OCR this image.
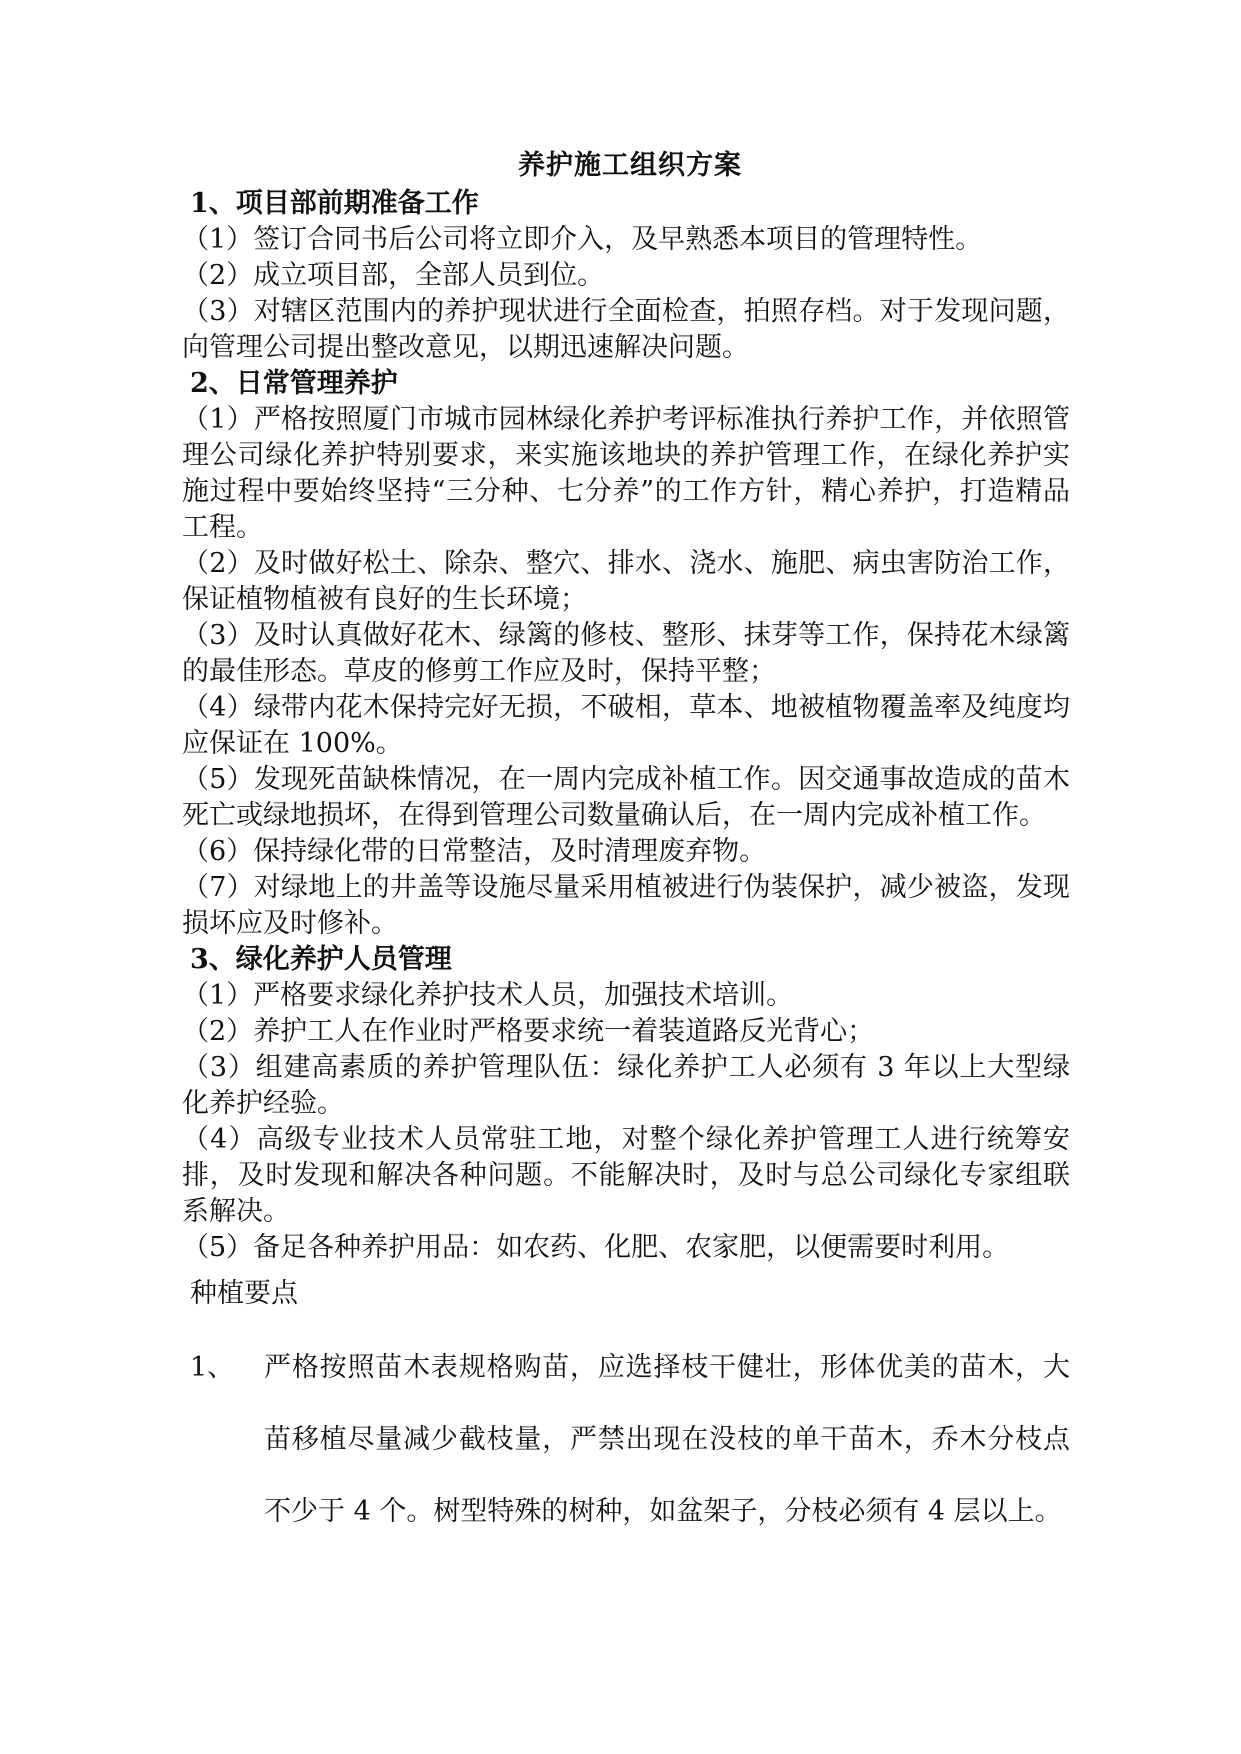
养护施工组织方案
1、项目部前期准备工作

（1）签订合同书后公司将立即介入，及早熟悉本项目的管理特性。

（2）成立项目部，全部人员到位。

（3）对辖区范围内的养护现状进行全面检查，拍照存档。对于发现问题，向管理公司提出整改意见，以期迅速解决问题。

2、日常管理养护

（1）严格按照厦门市城市园林绿化养护考评标准执行养护工作，并依照管理公司绿化养护特别要求，来实施该地块的养护管理工作，在绿化养护实施过程中要始终坚持“三分种、七分养”的工作方针，精心养护，打造精品工程。

（2）及时做好松土、除杂、整穴、排水、浇水、施肥、病虫害防治工作，保证植物植被有良好的生长环境；

（3）及时认真做好花木、绿篱的修枝、整形、抹芽等工作，保持花木绿篱的最佳形态。草皮的修剪工作应及时，保持平整；

（4）绿带内花木保持完好无损，不破相，草本、地被植物覆盖率及纯度均应保证在 100%。

（5）发现死苗缺株情况，在一周内完成补植工作。因交通事故造成的苗木死亡或绿地损坏，在得到管理公司数量确认后，在一周内完成补植工作。

（6）保持绿化带的日常整洁，及时清理废弃物。

（7）对绿地上的井盖等设施尽量采用植被进行伪装保护，减少被盗，发现损坏应及时修补。

3、绿化养护人员管理

（1）严格要求绿化养护技术人员，加强技术培训。

（2）养护工人在作业时严格要求统一着装道路反光背心；

（3）组建高素质的养护管理队伍：绿化养护工人必须有 3 年以上大型绿化养护经验。

（4）高级专业技术人员常驻工地，对整个绿化养护管理工人进行统筹安排，及时发现和解决各种问题。不能解决时，及时与总公司绿化专家组联系解决。

（5）备足各种养护用品：如农药、化肥、农家肥，以便需要时利用。

种植要点
1、	严格按照苗木表规格购苗，应选择枝干健壮，形体优美的苗木，大苗移植尽量减少截枝量，严禁出现在没枝的单干苗木，乔木分枝点不少于 4 个。树型特殊的树种，如盆架子，分枝必须有 4 层以上。
